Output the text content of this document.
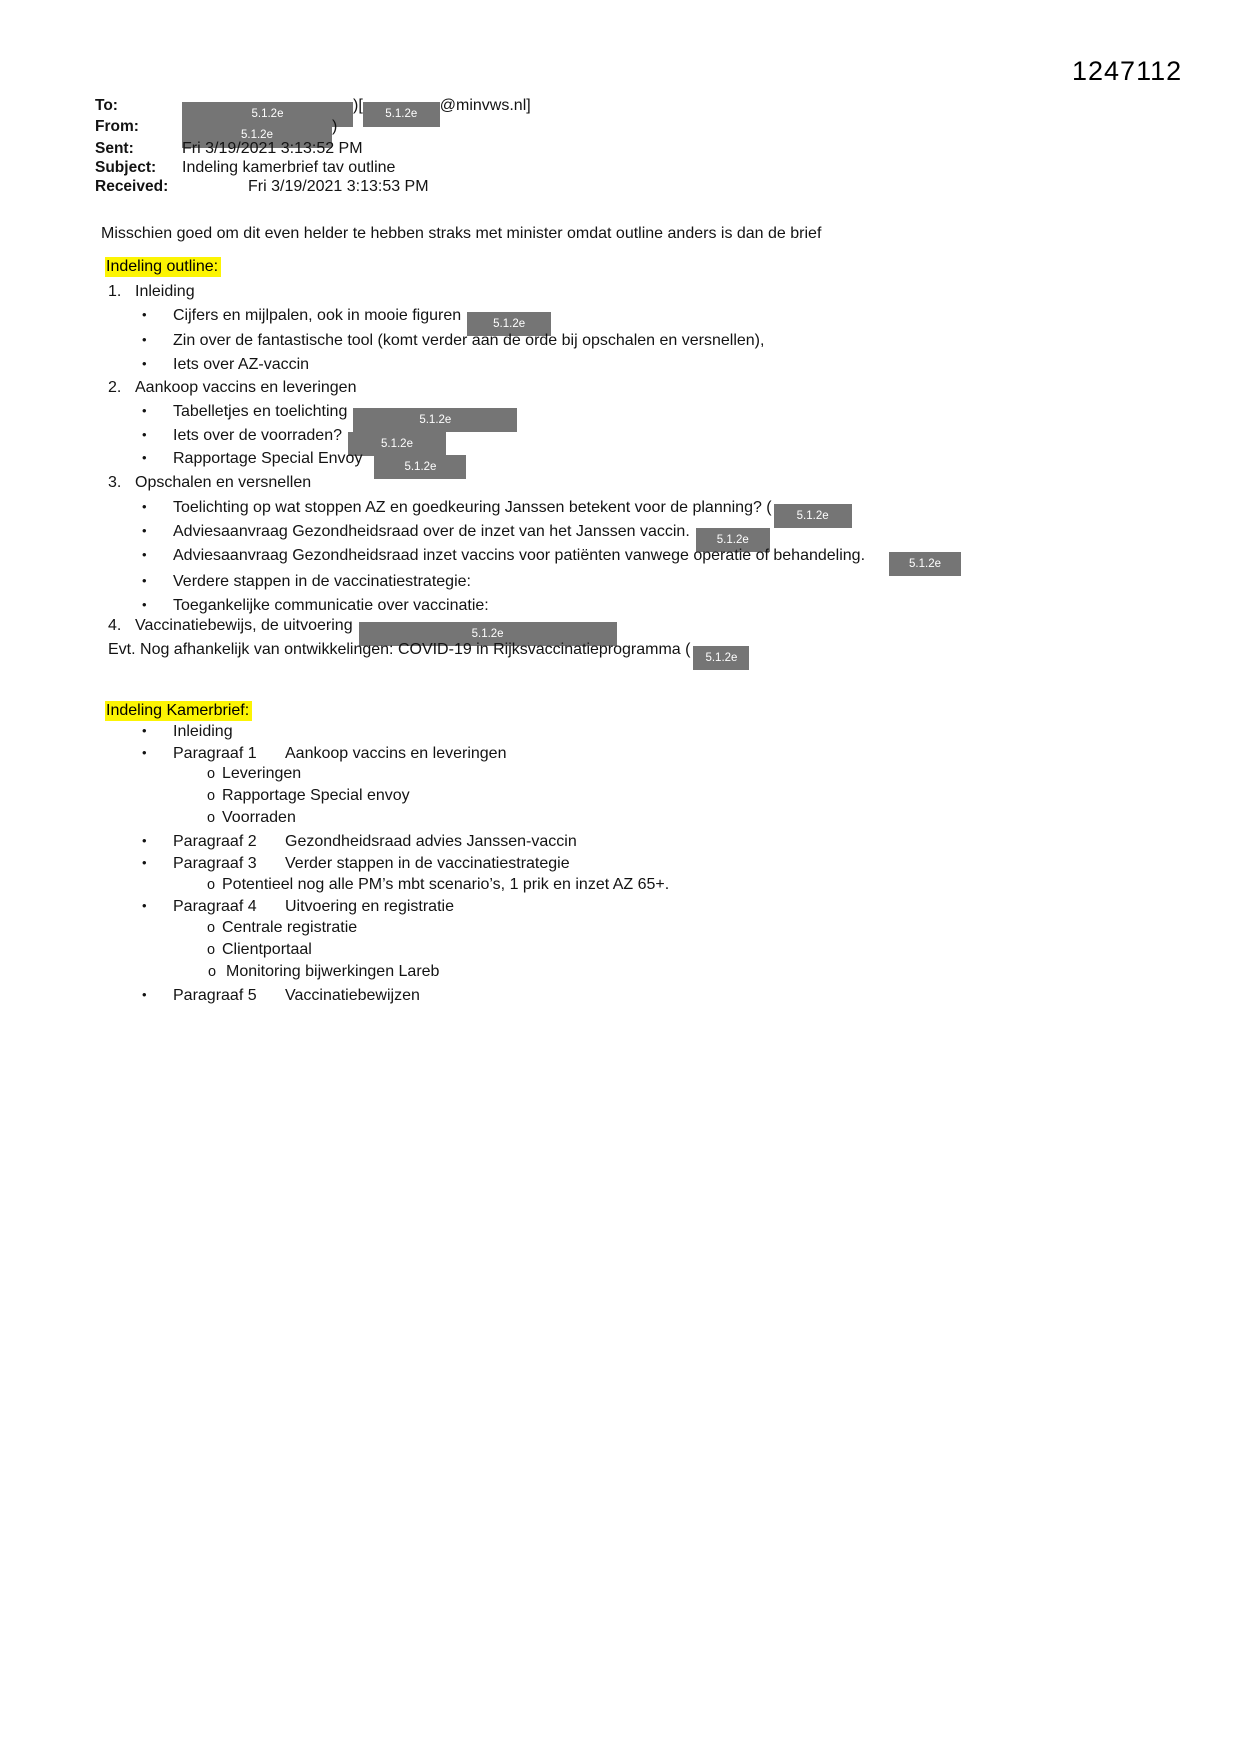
1247112
To:	5.1.2e	)[ 5.1.2e @minvws.nl]
From:	5.1.2e	)
Sent:	Fri 3/19/2021 3:13:52 PM
Subject: Indeling kamerbrief tav outline
Received:	Fri 3/19/2021 3:13:53 PM
Misschien goed om dit even helder te hebben straks met minister omdat outline anders is dan de brief
Indeling outline:
1. Inleiding
• Cijfers en mijlpalen, ook in mooie figuren	5.1.2e
• Zin over de fantastische tool (komt verder aan de orde bij opschalen en versnellen),
• Iets over AZ-vaccin
2. Aankoop vaccins en leveringen
• Tabelletjes en toelichting	5.1.2e
• Iets over de voorraden?	5.1.2e
• Rapportage Special Envoy	5.1.2e
3. Opschalen en versnellen
• Toelichting op wat stoppen AZ en goedkeuring Janssen betekent voor de planning? ( 5.1.2e
• Adviesaanvraag Gezondheidsraad over de inzet van het Janssen vaccin. 5.1.2e
• Adviesaanvraag Gezondheidsraad inzet vaccins voor patiënten vanwege operatie of behandeling.	5.1.2e
• Verdere stappen in de vaccinatiestrategie:
• Toegankelijke communicatie over vaccinatie:
4. Vaccinatiebewijs, de uitvoering	5.1.2e
Evt. Nog afhankelijk van ontwikkelingen: COVID-19 in Rijksvaccinatieprogramma ( 5.1.2e
Indeling Kamerbrief:
• Inleiding
• Paragraaf 1 Aankoop vaccins en leveringen
o Leveringen
o Rapportage Special envoy
o Voorraden
• Paragraaf 2 Gezondheidsraad advies Janssen-vaccin
• Paragraaf 3 Verder stappen in de vaccinatiestrategie
o Potentieel nog alle PM’s mbt scenario’s, 1 prik en inzet AZ 65+.
• Paragraaf 4 Uitvoering en registratie
o Centrale registratie
o Clientportaal
o Monitoring bijwerkingen Lareb
• Paragraaf 5 Vaccinatiebewijzen
